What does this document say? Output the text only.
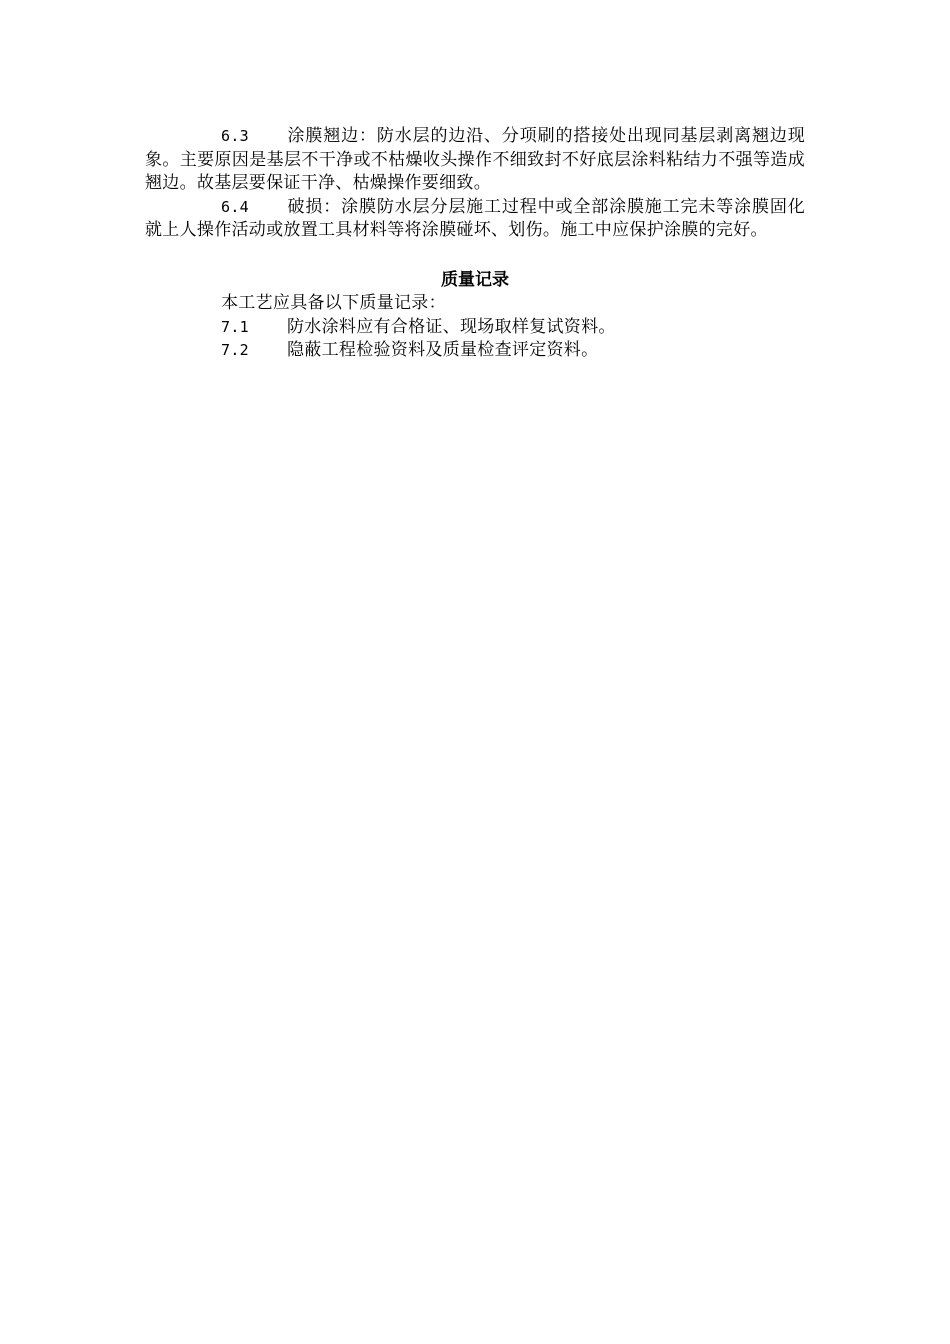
6.3 涂膜翘边：防水层的边沿、分项刷的搭接处出现同基层剥离翘边现象。主要原因是基层不干净或不枯燥收头操作不细致封不好底层涂料粘结力不强等造成翘边。故基层要保证干净、枯燥操作要细致。

6.4 破损：涂膜防水层分层施工过程中或全部涂膜施工完未等涂膜固化就上人操作活动或放置工具材料等将涂膜碰坏、划伤。施工中应保护涂膜的完好。

质量记录

本工艺应具备以下质量记录：

7.1 防水涂料应有合格证、现场取样复试资料。

7.2 隐蔽工程检验资料及质量检查评定资料。
